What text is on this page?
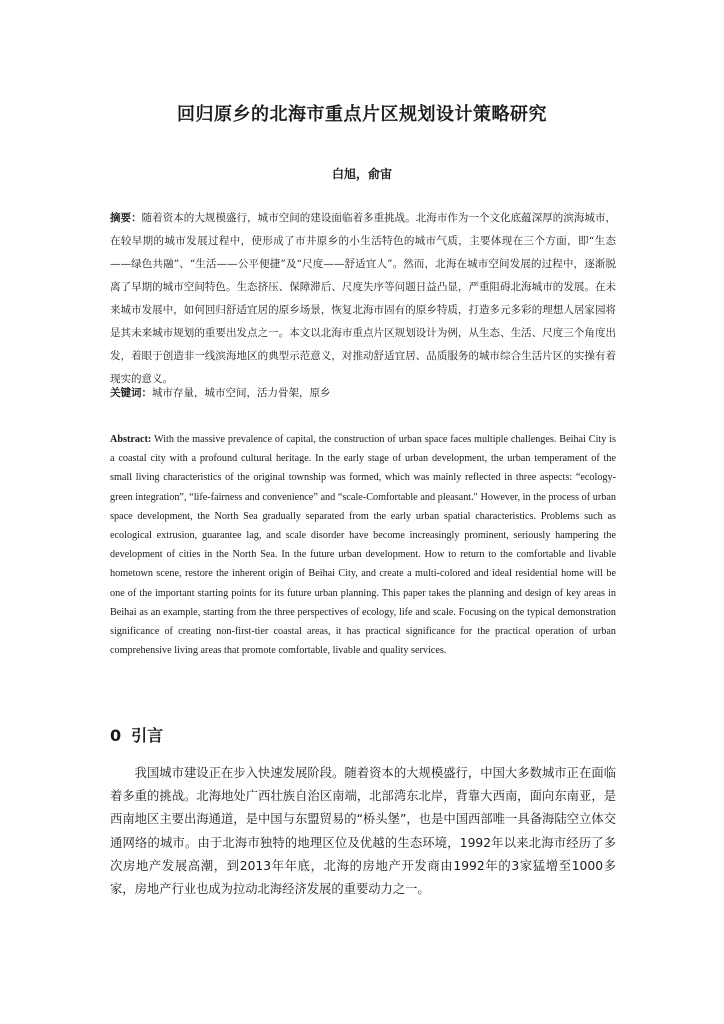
回归原乡的北海市重点片区规划设计策略研究
白旭，俞宙
摘要：随着资本的大规模盛行，城市空间的建设面临着多重挑战。北海市作为一个文化底蕴深厚的滨海城市，在较早期的城市发展过程中，使形成了市井原乡的小生活特色的城市气质，主要体现在三个方面，即“生态——绿色共融”、“生活——公平便捷”及“尺度——舒适宜人”。然而，北海在城市空间发展的过程中，逐渐脱离了早期的城市空间特色。生态挤压、保障滞后、尺度失序等问题日益凸显，严重阻碍北海城市的发展。在未来城市发展中，如何回归舒适宜居的原乡场景，恢复北海市固有的原乡特质，打造多元多彩的理想人居家园将是其未来城市规划的重要出发点之一。本文以北海市重点片区规划设计为例，从生态、生活、尺度三个角度出发，着眼于创造非一线滨海地区的典型示范意义，对推动舒适宜居、品质服务的城市综合生活片区的实操有着现实的意义。
关键词：城市存量，城市空间，活力骨架，原乡
Abstract: With the massive prevalence of capital, the construction of urban space faces multiple challenges. Beihai City is a coastal city with a profound cultural heritage. In the early stage of urban development, the urban temperament of the small living characteristics of the original township was formed, which was mainly reflected in three aspects: “ecology-green integration”, “life-fairness and convenience” and “scale-Comfortable and pleasant." However, in the process of urban space development, the North Sea gradually separated from the early urban spatial characteristics. Problems such as ecological extrusion, guarantee lag, and scale disorder have become increasingly prominent, seriously hampering the development of cities in the North Sea. In the future urban development. How to return to the comfortable and livable hometown scene, restore the inherent origin of Beihai City, and create a multi-colored and ideal residential home will be one of the important starting points for its future urban planning. This paper takes the planning and design of key areas in Beihai as an example, starting from the three perspectives of ecology, life and scale. Focusing on the typical demonstration significance of creating non-first-tier coastal areas, it has practical significance for the practical operation of urban comprehensive living areas that promote comfortable, livable and quality services.
0 引言
我国城市建设正在步入快速发展阶段。随着资本的大规模盛行，中国大多数城市正在面临着多重的挑战。北海地处广西壮族自治区南端，北部湾东北岸，背靠大西南，面向东南亚，是西南地区主要出海通道，是中国与东盟贸易的“桥头堡”，也是中国西部唯一具备海陆空立体交通网络的城市。由于北海市独特的地理区位及优越的生态环境，1992年以来北海市经历了多次房地产发展高潮，到2013年年底，北海的房地产开发商由1992年的3家猛增至1000多家，房地产行业也成为拉动北海经济发展的重要动力之一。
